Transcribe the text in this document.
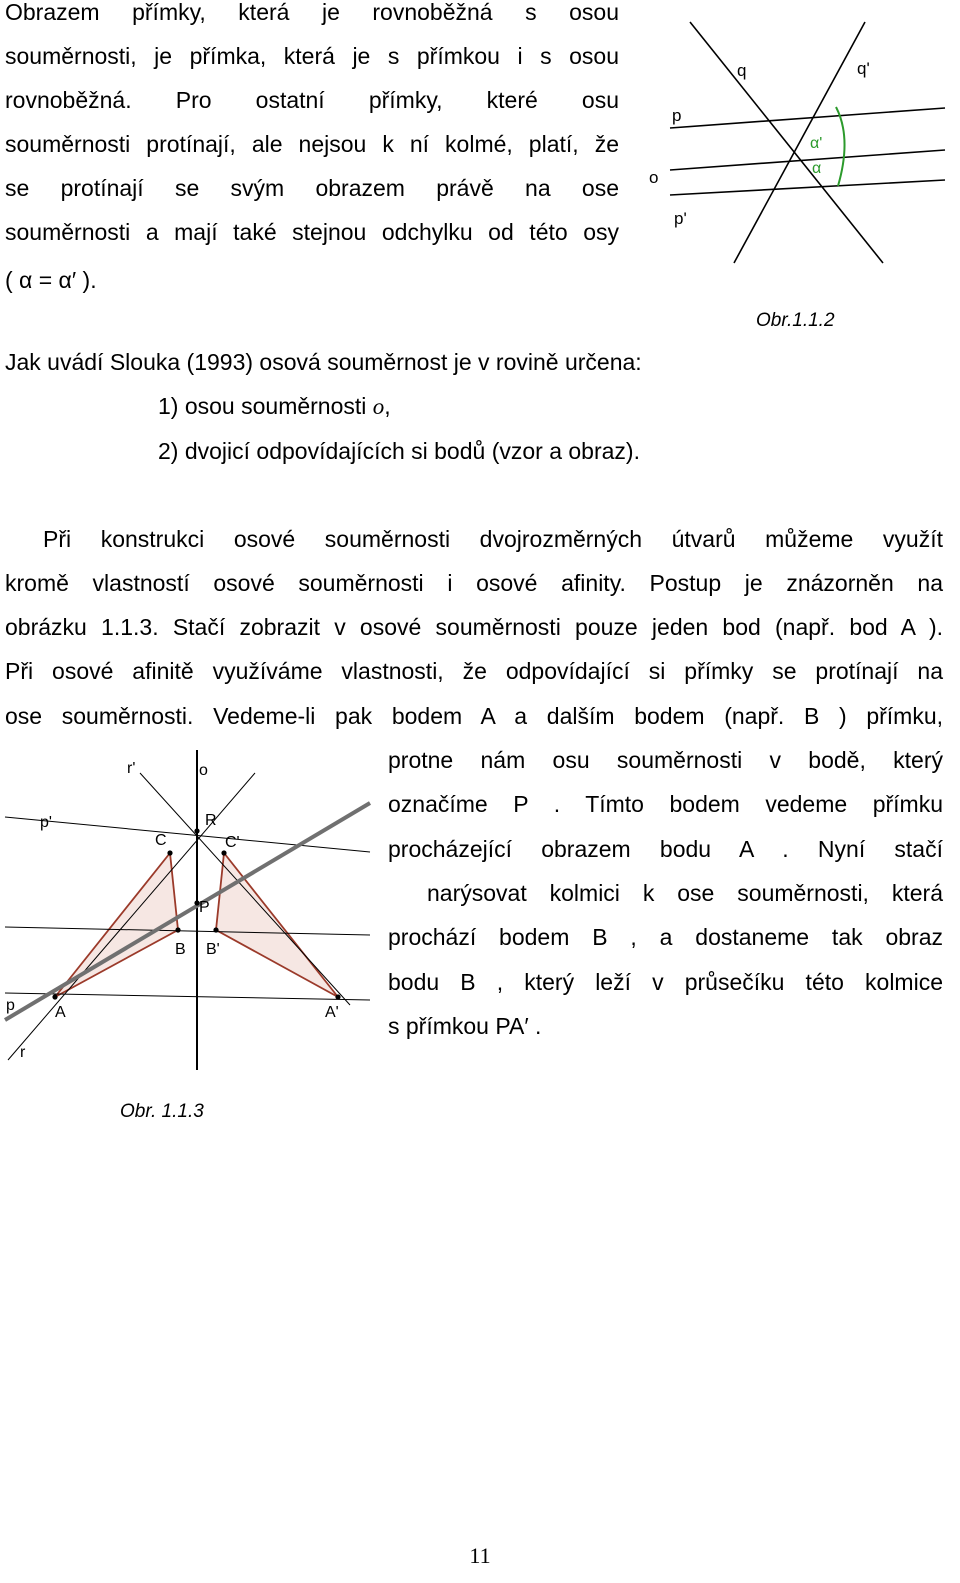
Obrazem přímky, která je rovnoběžná s osou

souměrnosti, je přímka, která je s přímkou i s osou

rovnoběžná. Pro ostatní přímky, které osu

souměrnosti protínají, ale nejsou k ní kolmé, platí, že

se protínají se svým obrazem právě na ose

souměrnosti a mají také stejnou odchylku od této osy

( α = α′ ).

q	q'
p
o
p'
α'
α
Obr.1.1.2

Jak uvádí Slouka (1993) osová souměrnost je v rovině určena:

1) osou souměrnosti o,

2) dvojicí odpovídajících si bodů (vzor a obraz).

Při konstrukci osové souměrnosti dvojrozměrných útvarů můžeme využít

kromě vlastností osové souměrnosti i osové afinity. Postup je znázorněn na

obrázku 1.1.3. Stačí zobrazit v osové souměrnosti pouze jeden bod (např. bod A ).

Při osové afinitě využíváme vlastnosti, že odpovídající si přímky se protínají na

ose souměrnosti. Vedeme-li pak bodem A a dalším bodem (např. B ) přímku,

protne nám osu souměrnosti v bodě, který

označíme P . Tímto bodem vedeme přímku

procházející obrazem bodu A . Nyní stačí

narýsovat kolmici k ose souměrnosti, která

prochází bodem B , a dostaneme tak obraz

bodu B , který leží v průsečíku této kolmice

s přímkou PA′ .

r'	o
p'
C
R
C'
P
B B'
p	A	A'
r
Obr. 1.1.3
11
